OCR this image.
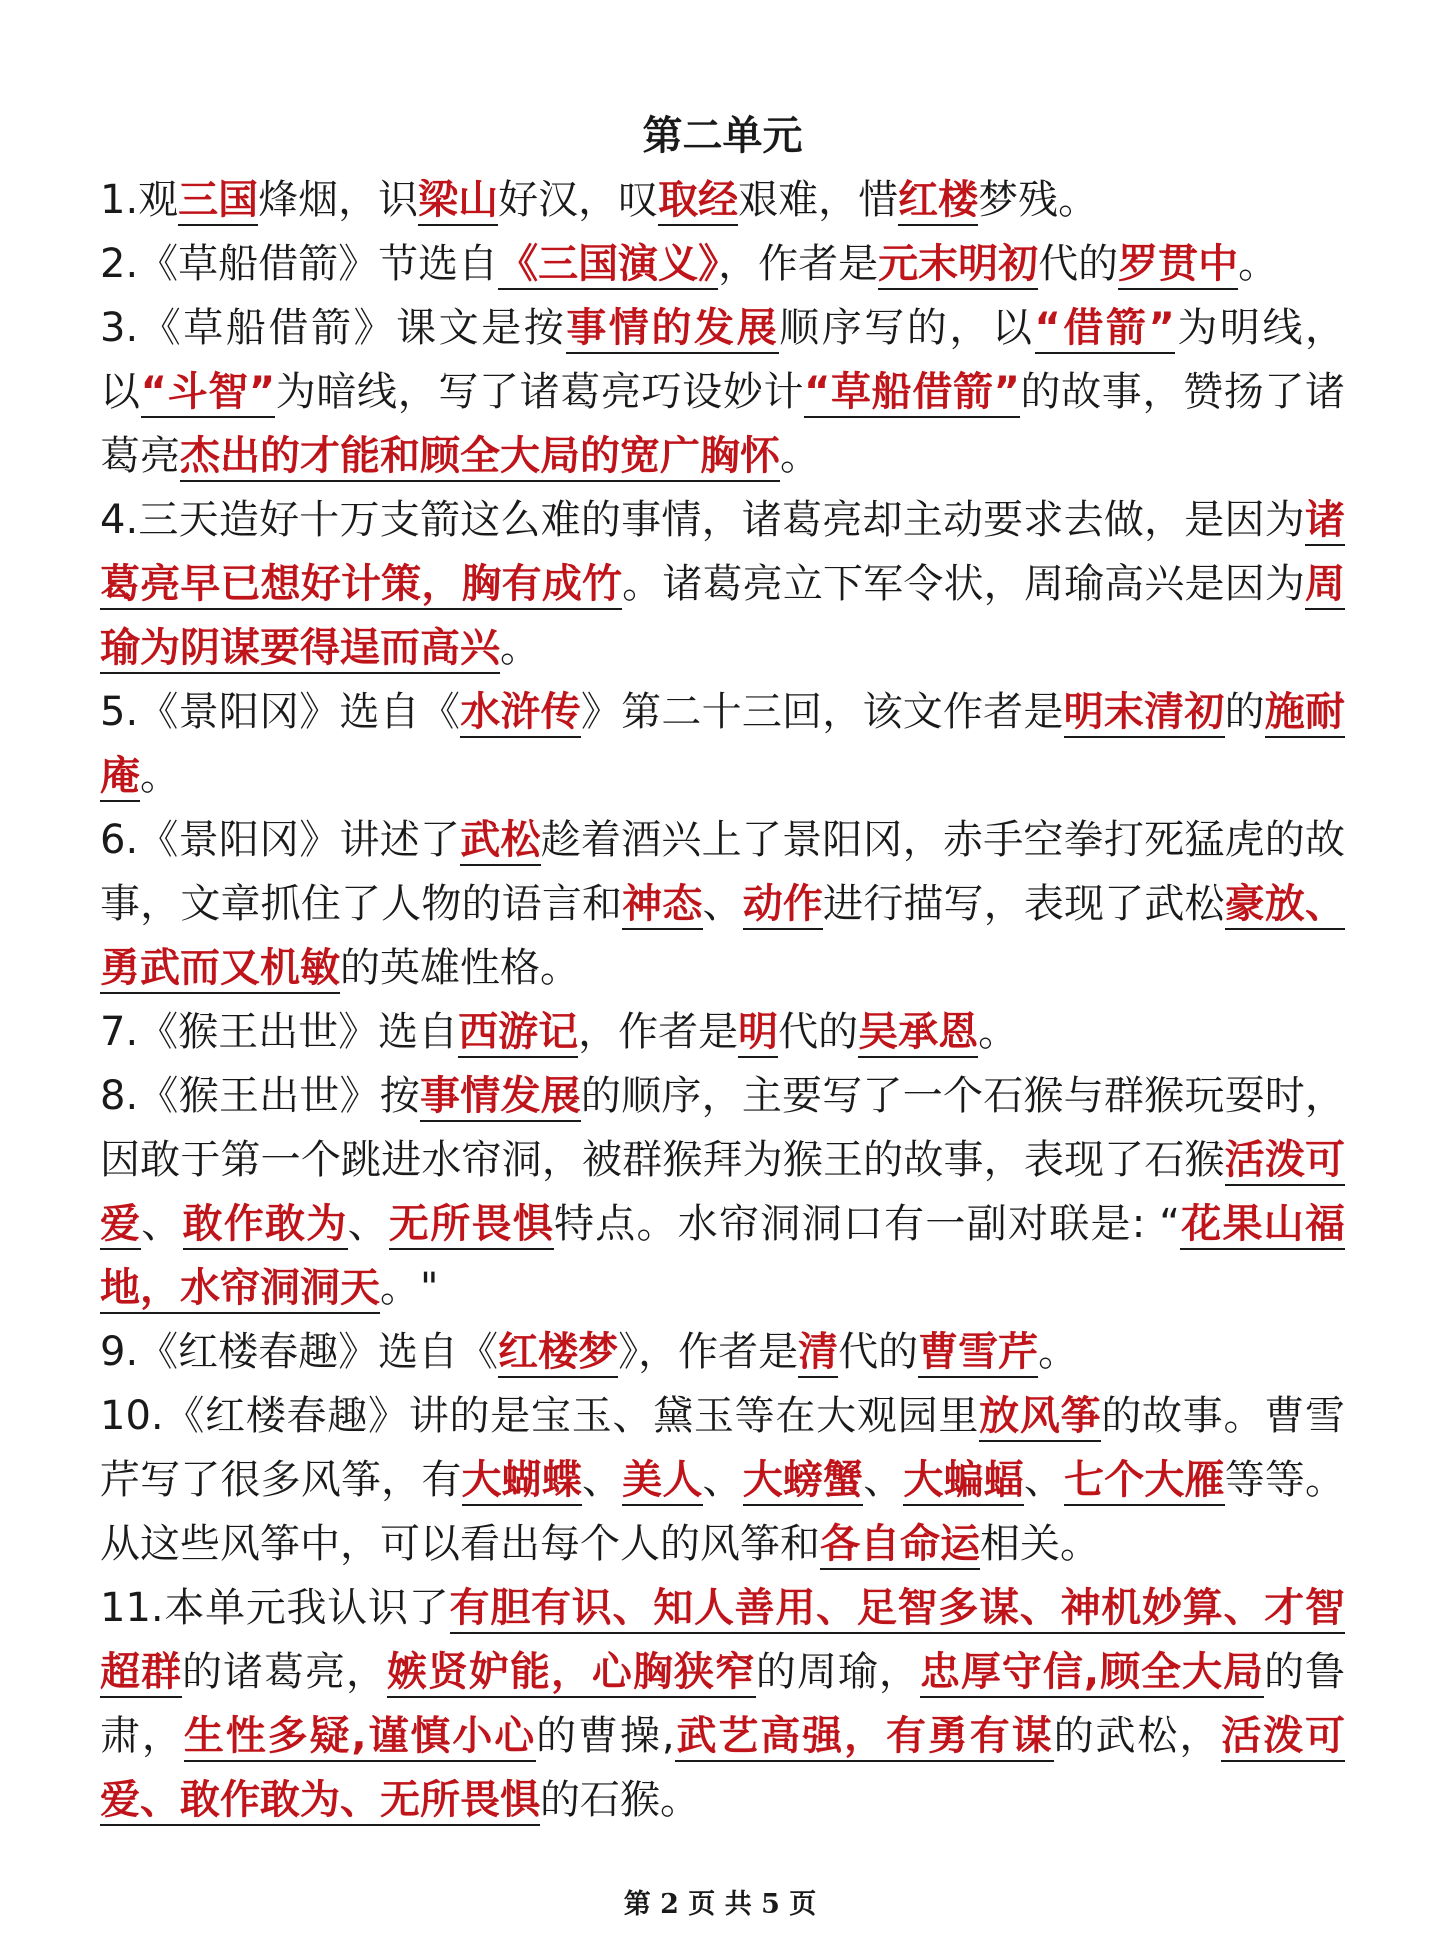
第二单元

1.观三国烽烟，识梁山好汉，叹取经艰难，惜红楼梦残。

2.《草船借箭》节选自《三国演义》，作者是元末明初代的罗贯中。

3.《草船借箭》课文是按事情的发展顺序写的，以“借箭”为明线，以“斗智”为暗线，写了诸葛亮巧设妙计“草船借箭”的故事，赞扬了诸葛亮杰出的才能和顾全大局的宽广胸怀。

4.三天造好十万支箭这么难的事情，诸葛亮却主动要求去做，是因为诸葛亮早已想好计策，胸有成竹。诸葛亮立下军令状，周瑜高兴是因为周瑜为阴谋要得逞而高兴。

5.《景阳冈》选自《水浒传》第二十三回，该文作者是明末清初的施耐庵。

6.《景阳冈》讲述了武松趁着酒兴上了景阳冈，赤手空拳打死猛虎的故事，文章抓住了人物的语言和神态、动作进行描写，表现了武松豪放、勇武而又机敏的英雄性格。

7.《猴王出世》选自西游记，作者是明代的吴承恩。

8.《猴王出世》按事情发展的顺序，主要写了一个石猴与群猴玩耍时，因敢于第一个跳进水帘洞，被群猴拜为猴王的故事，表现了石猴活泼可爱、敢作敢为、无所畏惧特点。水帘洞洞口有一副对联是: “花果山福地，水帘洞洞天。"

9.《红楼春趣》选自《红楼梦》，作者是清代的曹雪芹。

10.《红楼春趣》讲的是宝玉、黛玉等在大观园里放风筝的故事。曹雪芹写了很多风筝，有大蝴蝶、美人、大螃蟹、大蝙蝠、七个大雁等等。从这些风筝中，可以看出每个人的风筝和各自命运相关。

11.本单元我认识了有胆有识、知人善用、足智多谋、神机妙算、才智超群的诸葛亮，嫉贤妒能，心胸狭窄的周瑜，忠厚守信,顾全大局的鲁肃，生性多疑,谨慎小心的曹操,武艺高强，有勇有谋的武松，活泼可爱、敢作敢为、无所畏惧的石猴。

第 2 页 共 5 页
